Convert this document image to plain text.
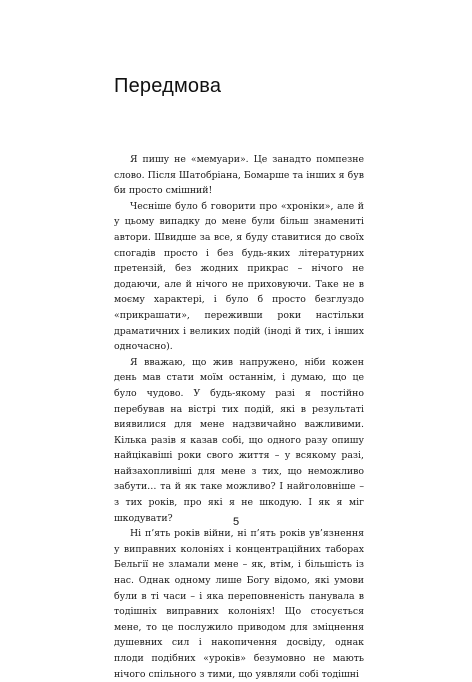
Передмова

Я пишу не «мемуари». Це занадто помпезне слово. Після Шатобріана, Бомарше та інших я був би просто смішний!

Чесніше було б говорити про «хроніки», але й у цьому випадку до мене були більш знамениті автори. Швидше за все, я буду ставитися до своїх спогадів просто і без будь-яких літературних претензій, без жодних прикрас – нічого не додаючи, але й нічого не приховуючи. Таке не в моєму характері, і було б просто безглуздо «прикрашати», переживши роки настільки драматичних і великих подій (іноді й тих, і інших одночасно).

Я вважаю, що жив напружено, ніби кожен день мав стати моїм останнім, і думаю, що це було чудово. У будь-якому разі я постійно перебував на вістрі тих подій, які в результаті виявилися для мене надзвичайно важливими. Кілька разів я казав собі, що одного разу опишу найцікавіші роки свого життя – у всякому разі, найзахопливіші для мене з тих, що неможливо забути… та й як таке можливо? І найголовніше – з тих років, про які я не шкодую. І як я міг шкодувати?

Ні п’ять років війни, ні п’ять років ув’язнення у виправних колоніях і концентраційних таборах Бельгії не зламали мене – як, втім, і більшість із нас. Однак одному лише Богу відомо, які умови були в ті часи – і яка переповненість панувала в тодішніх виправних колоніях! Що стосується мене, то це послужило приводом для зміцнення душевних сил і накопичення досвіду, однак плоди подібних «уроків» безумовно не мають нічого спільного з тими, що уявляли собі тодішні

5
